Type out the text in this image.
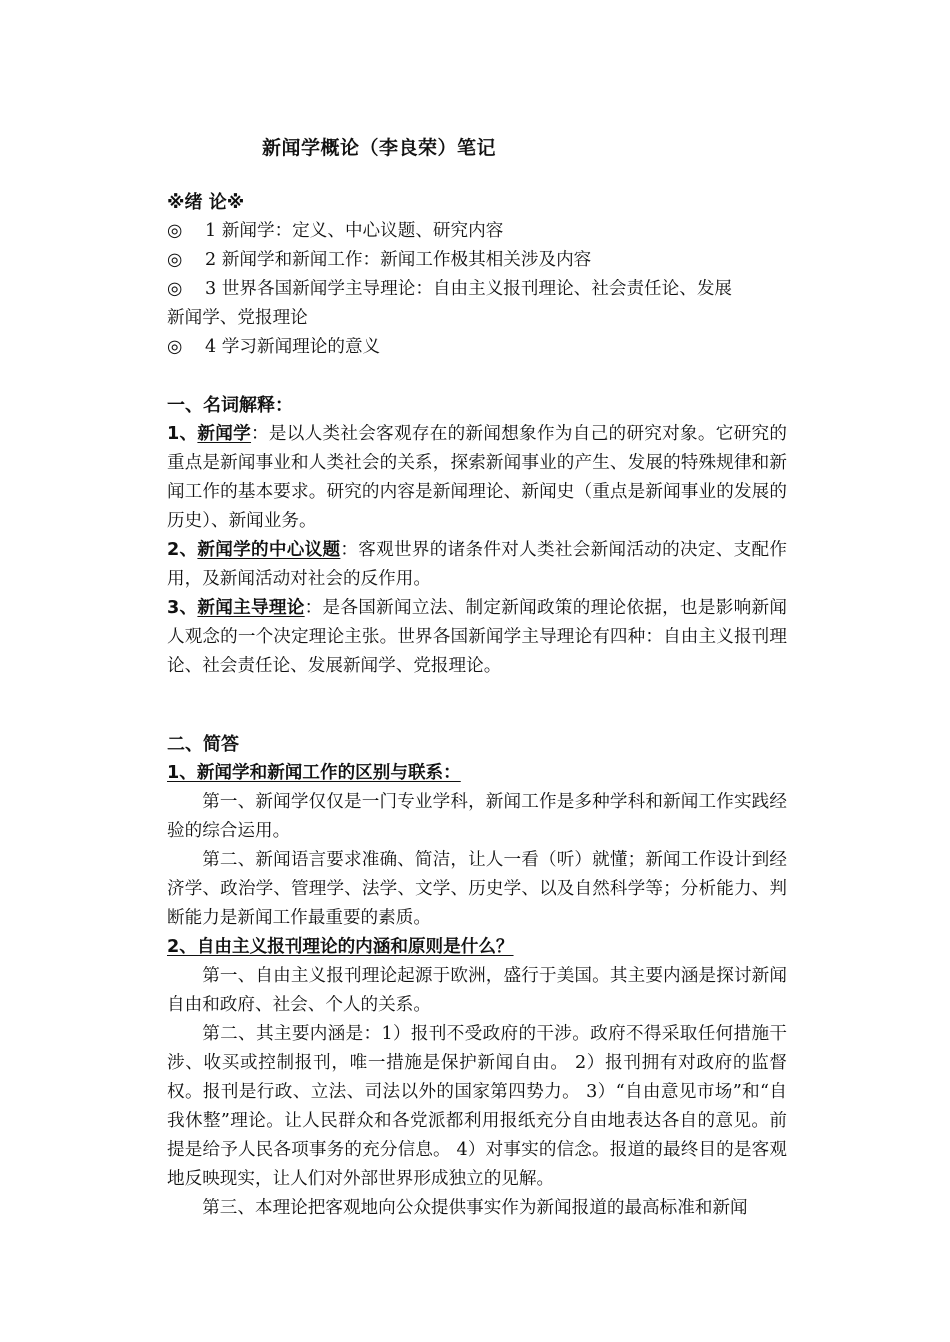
新闻学概论（李良荣）笔记
※绪 论※
◎ 1 新闻学：定义、中心议题、研究内容
◎ 2 新闻学和新闻工作：新闻工作极其相关涉及内容
◎ 3 世界各国新闻学主导理论：自由主义报刊理论、社会责任论、发展
新闻学、党报理论
◎ 4 学习新闻理论的意义
一、名词解释：
1、新闻学：是以人类社会客观存在的新闻想象作为自己的研究对象。它研究的重点是新闻事业和人类社会的关系，探索新闻事业的产生、发展的特殊规律和新闻工作的基本要求。研究的内容是新闻理论、新闻史（重点是新闻事业的发展的历史）、新闻业务。
2、新闻学的中心议题：客观世界的诸条件对人类社会新闻活动的决定、支配作用，及新闻活动对社会的反作用。
3、新闻主导理论：是各国新闻立法、制定新闻政策的理论依据，也是影响新闻人观念的一个决定理论主张。世界各国新闻学主导理论有四种：自由主义报刊理论、社会责任论、发展新闻学、党报理论。
二、简答
1、新闻学和新闻工作的区别与联系：
第一、新闻学仅仅是一门专业学科，新闻工作是多种学科和新闻工作实践经验的综合运用。
第二、新闻语言要求准确、简洁，让人一看（听）就懂；新闻工作设计到经济学、政治学、管理学、法学、文学、历史学、以及自然科学等；分析能力、判断能力是新闻工作最重要的素质。
2、自由主义报刊理论的内涵和原则是什么？
第一、自由主义报刊理论起源于欧洲，盛行于美国。其主要内涵是探讨新闻自由和政府、社会、个人的关系。
第二、其主要内涵是：1）报刊不受政府的干涉。政府不得采取任何措施干涉、收买或控制报刊，唯一措施是保护新闻自由。 2）报刊拥有对政府的监督权。报刊是行政、立法、司法以外的国家第四势力。 3）“自由意见市场”和“自我休整”理论。让人民群众和各党派都利用报纸充分自由地表达各自的意见。前提是给予人民各项事务的充分信息。 4）对事实的信念。报道的最终目的是客观地反映现实，让人们对外部世界形成独立的见解。
第三、本理论把客观地向公众提供事实作为新闻报道的最高标准和新闻
